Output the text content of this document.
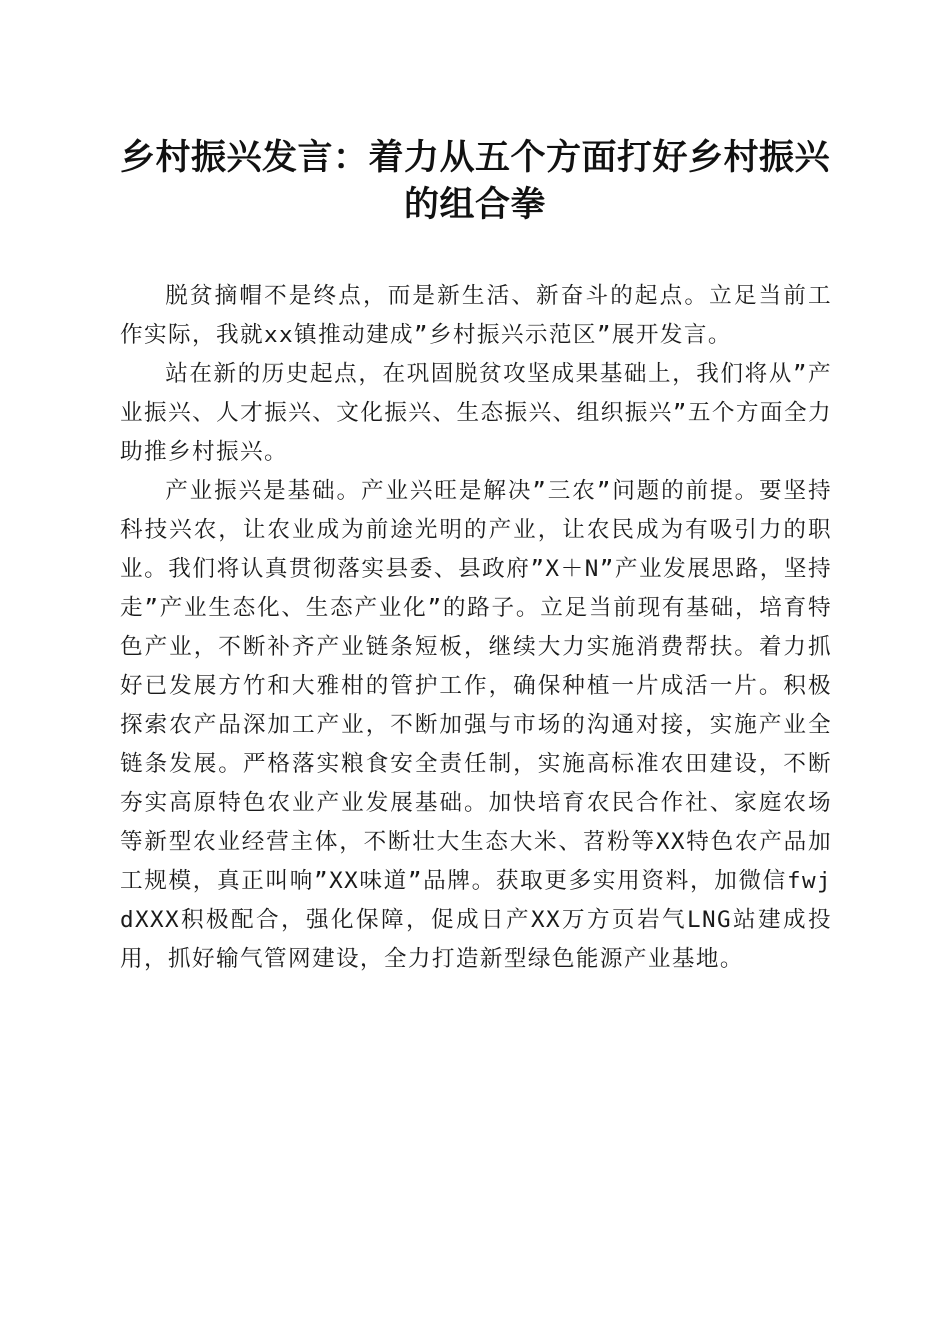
乡村振兴发言：着力从五个方面打好乡村振兴
的组合拳

脱贫摘帽不是终点，而是新生活、新奋斗的起点。立足当前工作实际，我就xx镇推动建成”乡村振兴示范区”展开发言。

站在新的历史起点，在巩固脱贫攻坚成果基础上，我们将从”产业振兴、人才振兴、文化振兴、生态振兴、组织振兴”五个方面全力助推乡村振兴。

产业振兴是基础。产业兴旺是解决”三农”问题的前提。要坚持科技兴农，让农业成为前途光明的产业，让农民成为有吸引力的职业。我们将认真贯彻落实县委、县政府”X＋N”产业发展思路，坚持走”产业生态化、生态产业化”的路子。立足当前现有基础，培育特色产业，不断补齐产业链条短板，继续大力实施消费帮扶。着力抓好已发展方竹和大雅柑的管护工作，确保种植一片成活一片。积极探索农产品深加工产业，不断加强与市场的沟通对接，实施产业全链条发展。严格落实粮食安全责任制，实施高标准农田建设，不断夯实高原特色农业产业发展基础。加快培育农民合作社、家庭农场等新型农业经营主体，不断壮大生态大米、苕粉等XX特色农产品加工规模，真正叫响”XX味道”品牌。获取更多实用资料，加微信fwjdXXX积极配合，强化保障，促成日产XX万方页岩气LNG站建成投用，抓好输气管网建设，全力打造新型绿色能源产业基地。
